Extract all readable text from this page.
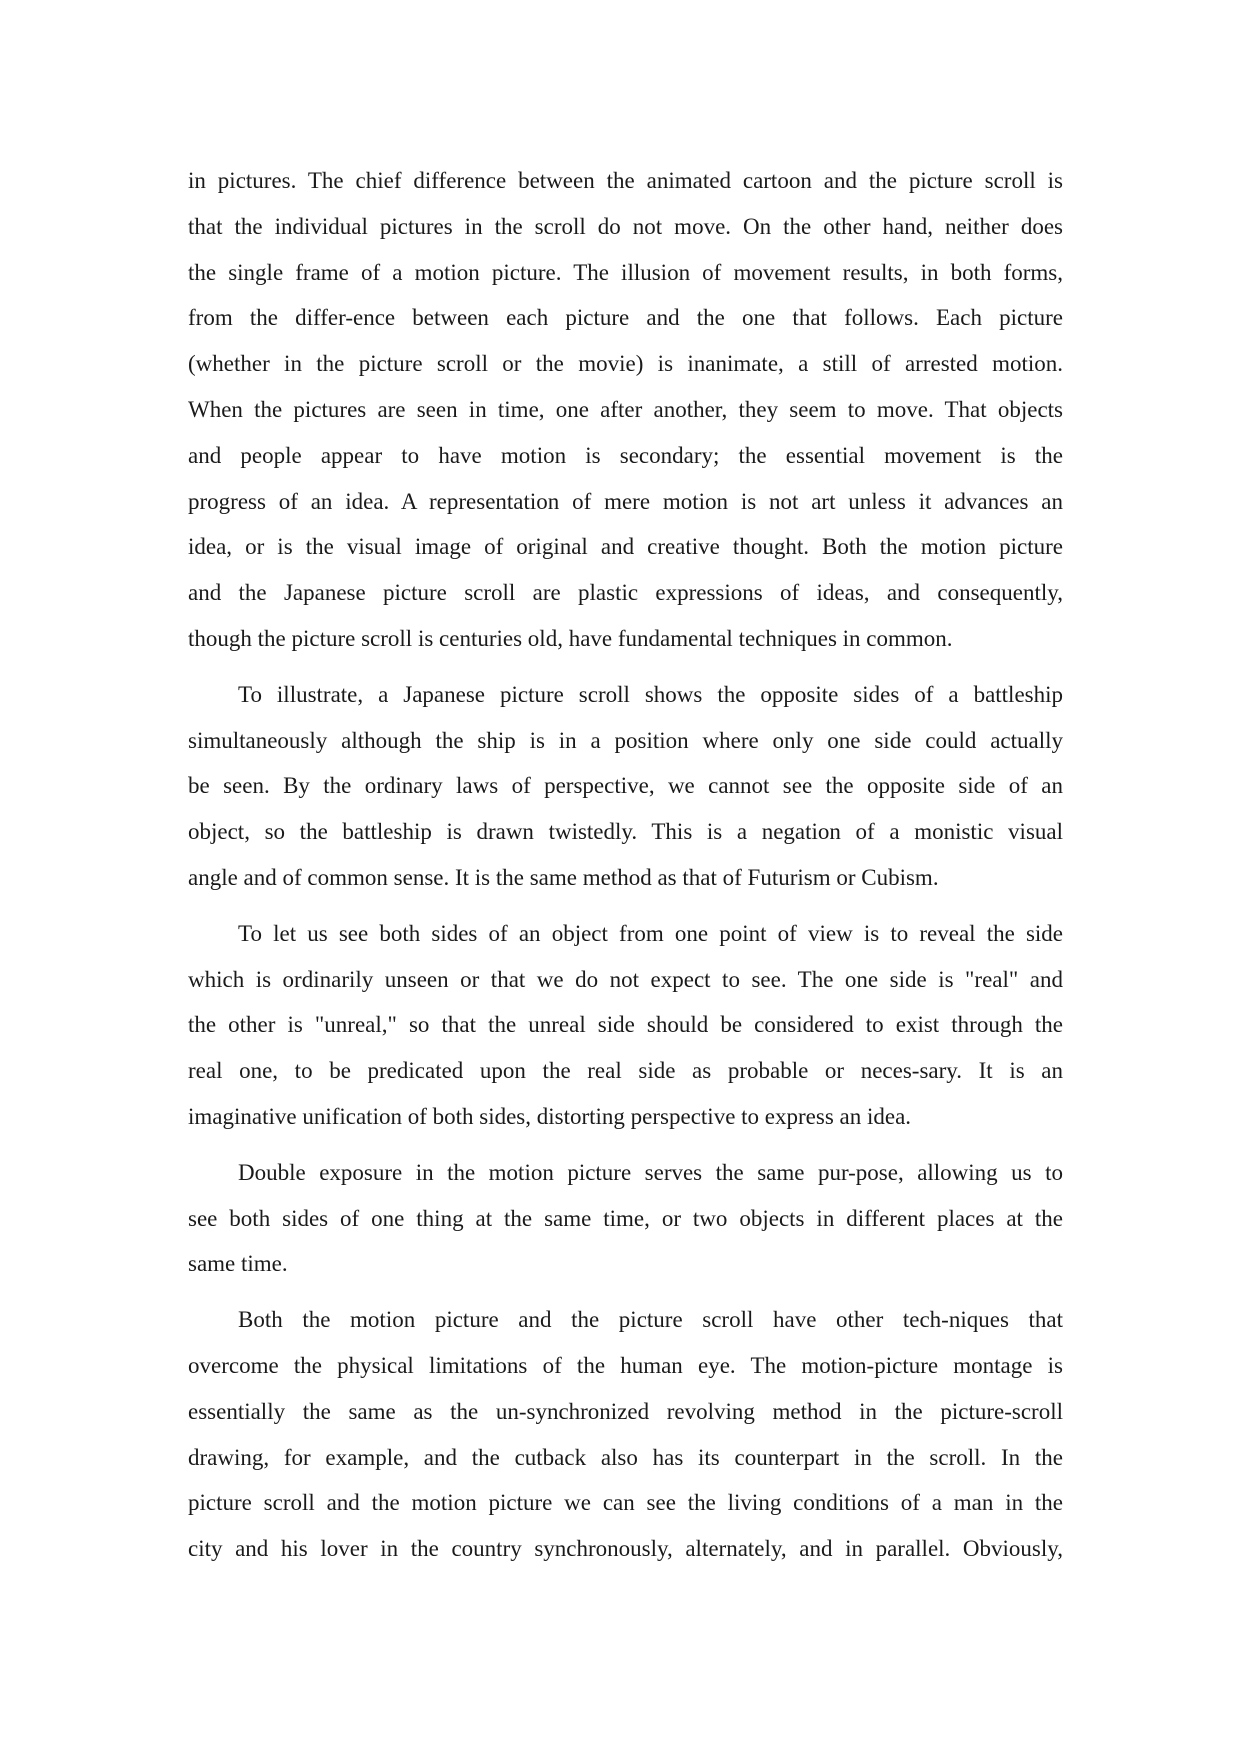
in pictures. The chief difference between the animated cartoon and the picture scroll is
that the individual pictures in the scroll do not move. On the other hand, neither does
the single frame of a motion picture. The illusion of movement results, in both forms,
from the differ-ence between each picture and the one that follows. Each picture
(whether in the picture scroll or the movie) is inanimate, a still of arrested motion.
When the pictures are seen in time, one after another, they seem to move. That objects
and people appear to have motion is secondary; the essential movement is the
progress of an idea. A representation of mere motion is not art unless it advances an
idea, or is the visual image of original and creative thought. Both the motion picture
and the Japanese picture scroll are plastic expressions of ideas, and consequently,
though the picture scroll is centuries old, have fundamental techniques in common.

To illustrate, a Japanese picture scroll shows the opposite sides of a battleship
simultaneously although the ship is in a position where only one side could actually
be seen. By the ordinary laws of perspective, we cannot see the opposite side of an
object, so the battleship is drawn twistedly. This is a negation of a monistic visual
angle and of common sense. It is the same method as that of Futurism or Cubism.

To let us see both sides of an object from one point of view is to reveal the side
which is ordinarily unseen or that we do not expect to see. The one side is "real" and
the other is "unreal," so that the unreal side should be considered to exist through the
real one, to be predicated upon the real side as probable or neces-sary. It is an
imaginative unification of both sides, distorting perspective to express an idea.

Double exposure in the motion picture serves the same pur-pose, allowing us to
see both sides of one thing at the same time, or two objects in different places at the
same time.

Both the motion picture and the picture scroll have other tech-niques that
overcome the physical limitations of the human eye. The motion-picture montage is
essentially the same as the un-synchronized revolving method in the picture-scroll
drawing, for example, and the cutback also has its counterpart in the scroll. In the
picture scroll and the motion picture we can see the living conditions of a man in the
city and his lover in the country synchronously, alternately, and in parallel. Obviously,
